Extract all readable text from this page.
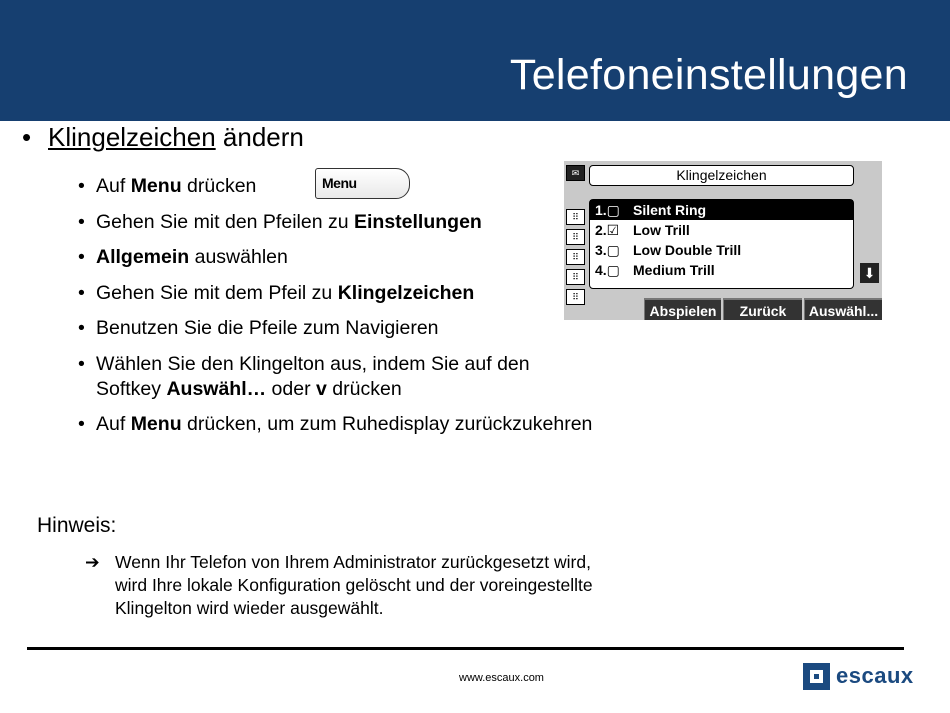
Telefoneinstellungen
• Klingelzeichen ändern
• Auf Menu drücken
• Gehen Sie mit den Pfeilen zu Einstellungen
• Allgemein auswählen
• Gehen Sie mit dem Pfeil zu Klingelzeichen
• Benutzen Sie die Pfeile zum Navigieren
• Wählen Sie den Klingelton aus, indem Sie auf den Softkey Auswähl… oder v drücken
• Auf Menu drücken, um zum Ruhedisplay zurückzukehren
Menu
✉
⠿
⠿
⠿
⠿
⠿
Klingelzeichen
1.▢ Silent Ring
2.☑ Low Trill
3.▢ Low Double Trill
4.▢ Medium Trill	⬇
Abspielen	Zurück	Auswähl...
Hinweis:
➔ Wenn Ihr Telefon von Ihrem Administrator zurückgesetzt wird, wird Ihre lokale Konfiguration gelöscht und der voreingestellte Klingelton wird wieder ausgewählt.
www.escaux.com	escaux
